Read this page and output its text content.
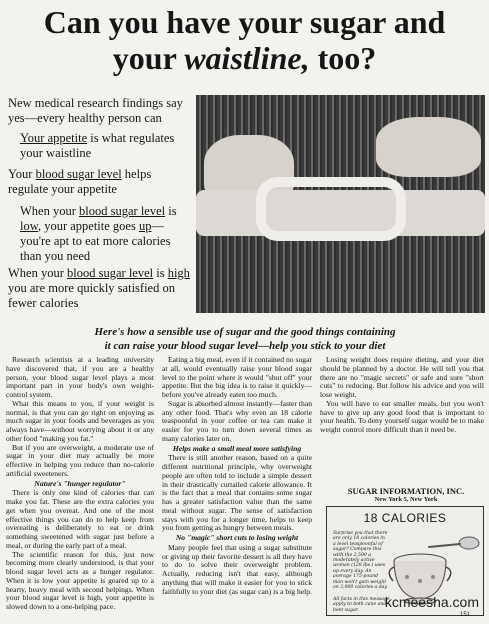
Can you have your sugar and
your waistline, too?
New medical research findings say yes—every healthy person can
Your appetite is what regulates your waistline
Your blood sugar level helps regulate your appetite
When your blood sugar level is low, your appetite goes up—you're apt to eat more calories than you need
When your blood sugar level is high you are more quickly satisfied on fewer calories
Here's how a sensible use of sugar and the good things containing
it can raise your blood sugar level—help you stick to your diet

Research scientists at a leading university have discovered that, if you are a healthy person, your blood sugar level plays a most important part in your body's own weight-control system.

What this means to you, if your weight is normal, is that you can go right on enjoying as much sugar in your foods and beverages as you always have—without worrying about it or any other food "making you fat."

But if you are overweight, a moderate use of sugar in your diet may actually be more effective in helping you reduce than no-calorie artificial sweeteners.

Nature's "hunger regulator"

There is only one kind of calories that can make you fat. These are the extra calories you get when you overeat. And one of the most effective things you can do to help keep from overeating is deliberately to eat or drink something sweetened with sugar just before a meal, or during the early part of a meal.

The scientific reason for this, just now becoming more clearly understood, is that your blood sugar level acts as a hunger regulator. When it is low your appetite is geared up to a hearty, heavy meal with second helpings. When your blood sugar level is high, your appetite is slowed down to a one-helping pace.

Eating a big meal, even if it contained no sugar at all, would eventually raise your blood sugar level to the point where it would "shut off" your appetite. But the big idea is to raise it quickly—before you've already eaten too much.

Sugar is absorbed almost instantly—faster than any other food. That's why even an 18 calorie teaspoonful in your coffee or tea can make it easier for you to turn down several times as many calories later on.

Helps make a small meal more satisfying

There is still another reason, based on a quite different nutritional principle, why overweight people are often told to include a simple dessert in their drastically curtailed calorie allowance. It is the fact that a meal that contains some sugar has a greater satisfaction value than the same meal without sugar. The sense of satisfaction stays with you for a longer time, helps to keep you from getting as hungry between meals.

No "magic" short cuts to losing weight

Many people feel that using a sugar substitute or giving up their favorite dessert is all they have to do to solve their overweight problem. Actually, reducing isn't that easy, although anything that will make it easier for you to stick faithfully to your diet (as sugar can) is a big help.

Losing weight does require dieting, and your diet should be planned by a doctor. He will tell you that there are no "magic secrets" or safe and sure "short cuts" to reducing. But follow his advice and you will lose weight.

You will have to eat smaller meals, but you won't have to give up any good food that is important to your health. To deny yourself sugar would be to make weight control more difficult than it need be.

SUGAR INFORMATION, INC.
New York 5, New York
18 CALORIES
Surprise you that there are only 18 calories in a level teaspoonful of sugar? Compare this with the 2,500 a moderately active woman (128 lbs.) uses up every day. An average 175-pound man won't gain weight on 3,000 calories a day.
All facts in this message apply to both cane and beet sugar.
kcmeesha.com
151
